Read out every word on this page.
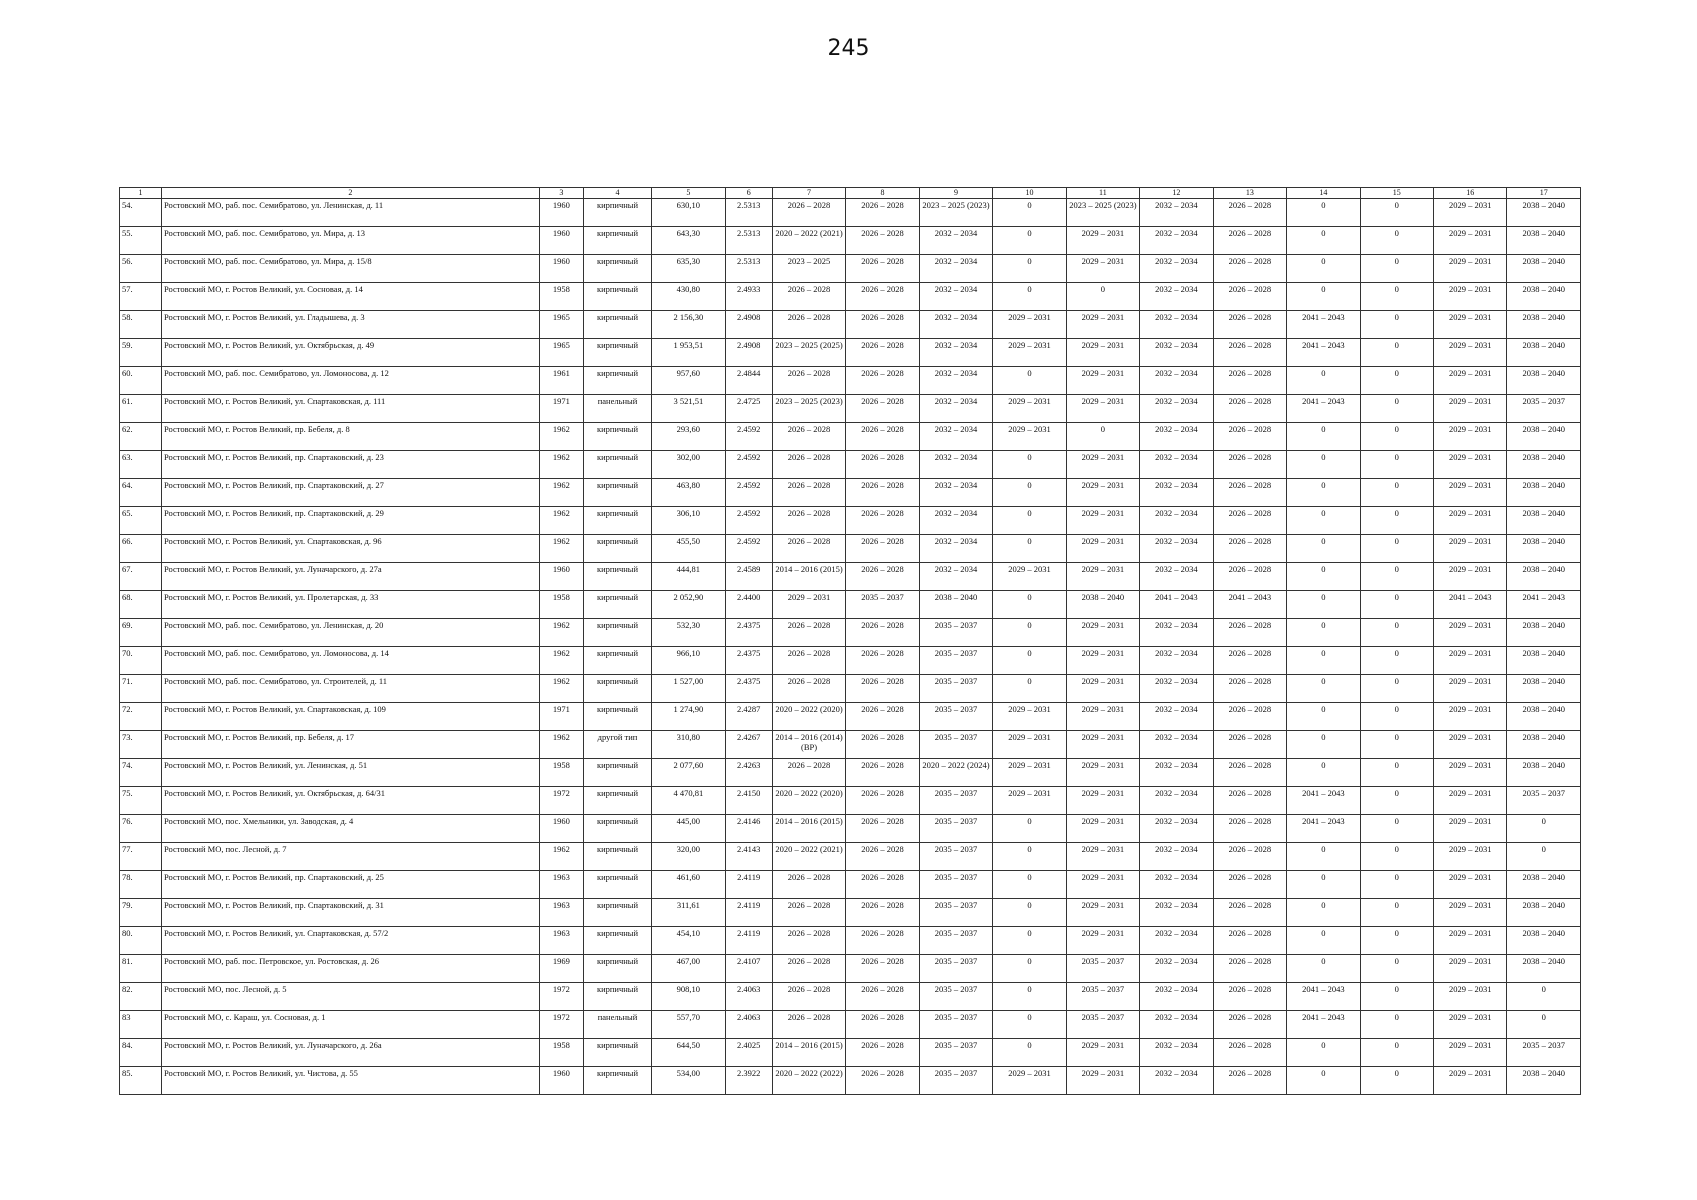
245
1	2	3	4	5	6	7	8	9	10	11	12	13	14	15	16	17
54.	Ростовский МО, раб. пос. Семибратово, ул. Ленинская, д. 11	1960	кирпичный	630,10	2.5313	2026 – 2028	2026 – 2028	2023 – 2025 (2023)	0	2023 – 2025 (2023)	2032 – 2034	2026 – 2028	0	0	2029 – 2031	2038 – 2040
55.	Ростовский МО, раб. пос. Семибратово, ул. Мира, д. 13	1960	кирпичный	643,30	2.5313	2020 – 2022 (2021)	2026 – 2028	2032 – 2034	0	2029 – 2031	2032 – 2034	2026 – 2028	0	0	2029 – 2031	2038 – 2040
56.	Ростовский МО, раб. пос. Семибратово, ул. Мира, д. 15/8	1960	кирпичный	635,30	2.5313	2023 – 2025	2026 – 2028	2032 – 2034	0	2029 – 2031	2032 – 2034	2026 – 2028	0	0	2029 – 2031	2038 – 2040
57.	Ростовский МО, г. Ростов Великий, ул. Сосновая, д. 14	1958	кирпичный	430,80	2.4933	2026 – 2028	2026 – 2028	2032 – 2034	0	0	2032 – 2034	2026 – 2028	0	0	2029 – 2031	2038 – 2040
58.	Ростовский МО, г. Ростов Великий, ул. Гладышева, д. 3	1965	кирпичный	2 156,30	2.4908	2026 – 2028	2026 – 2028	2032 – 2034	2029 – 2031	2029 – 2031	2032 – 2034	2026 – 2028	2041 – 2043	0	2029 – 2031	2038 – 2040
59.	Ростовский МО, г. Ростов Великий, ул. Октябрьская, д. 49	1965	кирпичный	1 953,51	2.4908	2023 – 2025 (2025)	2026 – 2028	2032 – 2034	2029 – 2031	2029 – 2031	2032 – 2034	2026 – 2028	2041 – 2043	0	2029 – 2031	2038 – 2040
60.	Ростовский МО, раб. пос. Семибратово, ул. Ломоносова, д. 12	1961	кирпичный	957,60	2.4844	2026 – 2028	2026 – 2028	2032 – 2034	0	2029 – 2031	2032 – 2034	2026 – 2028	0	0	2029 – 2031	2038 – 2040
61.	Ростовский МО, г. Ростов Великий, ул. Спартаковская, д. 111	1971	панельный	3 521,51	2.4725	2023 – 2025 (2023)	2026 – 2028	2032 – 2034	2029 – 2031	2029 – 2031	2032 – 2034	2026 – 2028	2041 – 2043	0	2029 – 2031	2035 – 2037
62.	Ростовский МО, г. Ростов Великий, пр. Бебеля, д. 8	1962	кирпичный	293,60	2.4592	2026 – 2028	2026 – 2028	2032 – 2034	2029 – 2031	0	2032 – 2034	2026 – 2028	0	0	2029 – 2031	2038 – 2040
63.	Ростовский МО, г. Ростов Великий, пр. Спартаковский, д. 23	1962	кирпичный	302,00	2.4592	2026 – 2028	2026 – 2028	2032 – 2034	0	2029 – 2031	2032 – 2034	2026 – 2028	0	0	2029 – 2031	2038 – 2040
64.	Ростовский МО, г. Ростов Великий, пр. Спартаковский, д. 27	1962	кирпичный	463,80	2.4592	2026 – 2028	2026 – 2028	2032 – 2034	0	2029 – 2031	2032 – 2034	2026 – 2028	0	0	2029 – 2031	2038 – 2040
65.	Ростовский МО, г. Ростов Великий, пр. Спартаковский, д. 29	1962	кирпичный	306,10	2.4592	2026 – 2028	2026 – 2028	2032 – 2034	0	2029 – 2031	2032 – 2034	2026 – 2028	0	0	2029 – 2031	2038 – 2040
66.	Ростовский МО, г. Ростов Великий, ул. Спартаковская, д. 96	1962	кирпичный	455,50	2.4592	2026 – 2028	2026 – 2028	2032 – 2034	0	2029 – 2031	2032 – 2034	2026 – 2028	0	0	2029 – 2031	2038 – 2040
67.	Ростовский МО, г. Ростов Великий, ул. Луначарского, д. 27а	1960	кирпичный	444,81	2.4589	2014 – 2016 (2015)	2026 – 2028	2032 – 2034	2029 – 2031	2029 – 2031	2032 – 2034	2026 – 2028	0	0	2029 – 2031	2038 – 2040
68.	Ростовский МО, г. Ростов Великий, ул. Пролетарская, д. 33	1958	кирпичный	2 052,90	2.4400	2029 – 2031	2035 – 2037	2038 – 2040	0	2038 – 2040	2041 – 2043	2041 – 2043	0	0	2041 – 2043	2041 – 2043
69.	Ростовский МО, раб. пос. Семибратово, ул. Ленинская, д. 20	1962	кирпичный	532,30	2.4375	2026 – 2028	2026 – 2028	2035 – 2037	0	2029 – 2031	2032 – 2034	2026 – 2028	0	0	2029 – 2031	2038 – 2040
70.	Ростовский МО, раб. пос. Семибратово, ул. Ломоносова, д. 14	1962	кирпичный	966,10	2.4375	2026 – 2028	2026 – 2028	2035 – 2037	0	2029 – 2031	2032 – 2034	2026 – 2028	0	0	2029 – 2031	2038 – 2040
71.	Ростовский МО, раб. пос. Семибратово, ул. Строителей, д. 11	1962	кирпичный	1 527,00	2.4375	2026 – 2028	2026 – 2028	2035 – 2037	0	2029 – 2031	2032 – 2034	2026 – 2028	0	0	2029 – 2031	2038 – 2040
72.	Ростовский МО, г. Ростов Великий, ул. Спартаковская, д. 109	1971	кирпичный	1 274,90	2.4287	2020 – 2022 (2020)	2026 – 2028	2035 – 2037	2029 – 2031	2029 – 2031	2032 – 2034	2026 – 2028	0	0	2029 – 2031	2038 – 2040
73.	Ростовский МО, г. Ростов Великий, пр. Бебеля, д. 17	1962	другой тип	310,80	2.4267	2014 – 2016 (2014) (ВР)	2026 – 2028	2035 – 2037	2029 – 2031	2029 – 2031	2032 – 2034	2026 – 2028	0	0	2029 – 2031	2038 – 2040
74.	Ростовский МО, г. Ростов Великий, ул. Ленинская, д. 51	1958	кирпичный	2 077,60	2.4263	2026 – 2028	2026 – 2028	2020 – 2022 (2024)	2029 – 2031	2029 – 2031	2032 – 2034	2026 – 2028	0	0	2029 – 2031	2038 – 2040
75.	Ростовский МО, г. Ростов Великий, ул. Октябрьская, д. 64/31	1972	кирпичный	4 470,81	2.4150	2020 – 2022 (2020)	2026 – 2028	2035 – 2037	2029 – 2031	2029 – 2031	2032 – 2034	2026 – 2028	2041 – 2043	0	2029 – 2031	2035 – 2037
76.	Ростовский МО, пос. Хмельники, ул. Заводская, д. 4	1960	кирпичный	445,00	2.4146	2014 – 2016 (2015)	2026 – 2028	2035 – 2037	0	2029 – 2031	2032 – 2034	2026 – 2028	2041 – 2043	0	2029 – 2031	0
77.	Ростовский МО, пос. Лесной, д. 7	1962	кирпичный	320,00	2.4143	2020 – 2022 (2021)	2026 – 2028	2035 – 2037	0	2029 – 2031	2032 – 2034	2026 – 2028	0	0	2029 – 2031	0
78.	Ростовский МО, г. Ростов Великий, пр. Спартаковский, д. 25	1963	кирпичный	461,60	2.4119	2026 – 2028	2026 – 2028	2035 – 2037	0	2029 – 2031	2032 – 2034	2026 – 2028	0	0	2029 – 2031	2038 – 2040
79.	Ростовский МО, г. Ростов Великий, пр. Спартаковский, д. 31	1963	кирпичный	311,61	2.4119	2026 – 2028	2026 – 2028	2035 – 2037	0	2029 – 2031	2032 – 2034	2026 – 2028	0	0	2029 – 2031	2038 – 2040
80.	Ростовский МО, г. Ростов Великий, ул. Спартаковская, д. 57/2	1963	кирпичный	454,10	2.4119	2026 – 2028	2026 – 2028	2035 – 2037	0	2029 – 2031	2032 – 2034	2026 – 2028	0	0	2029 – 2031	2038 – 2040
81.	Ростовский МО, раб. пос. Петровское, ул. Ростовская, д. 26	1969	кирпичный	467,00	2.4107	2026 – 2028	2026 – 2028	2035 – 2037	0	2035 – 2037	2032 – 2034	2026 – 2028	0	0	2029 – 2031	2038 – 2040
82.	Ростовский МО, пос. Лесной, д. 5	1972	кирпичный	908,10	2.4063	2026 – 2028	2026 – 2028	2035 – 2037	0	2035 – 2037	2032 – 2034	2026 – 2028	2041 – 2043	0	2029 – 2031	0
83	Ростовский МО, с. Караш, ул. Сосновая, д. 1	1972	панельный	557,70	2.4063	2026 – 2028	2026 – 2028	2035 – 2037	0	2035 – 2037	2032 – 2034	2026 – 2028	2041 – 2043	0	2029 – 2031	0
84.	Ростовский МО, г. Ростов Великий, ул. Луначарского, д. 26а	1958	кирпичный	644,50	2.4025	2014 – 2016 (2015)	2026 – 2028	2035 – 2037	0	2029 – 2031	2032 – 2034	2026 – 2028	0	0	2029 – 2031	2035 – 2037
85.	Ростовский МО, г. Ростов Великий, ул. Чистова, д. 55	1960	кирпичный	534,00	2.3922	2020 – 2022 (2022)	2026 – 2028	2035 – 2037	2029 – 2031	2029 – 2031	2032 – 2034	2026 – 2028	0	0	2029 – 2031	2038 – 2040
